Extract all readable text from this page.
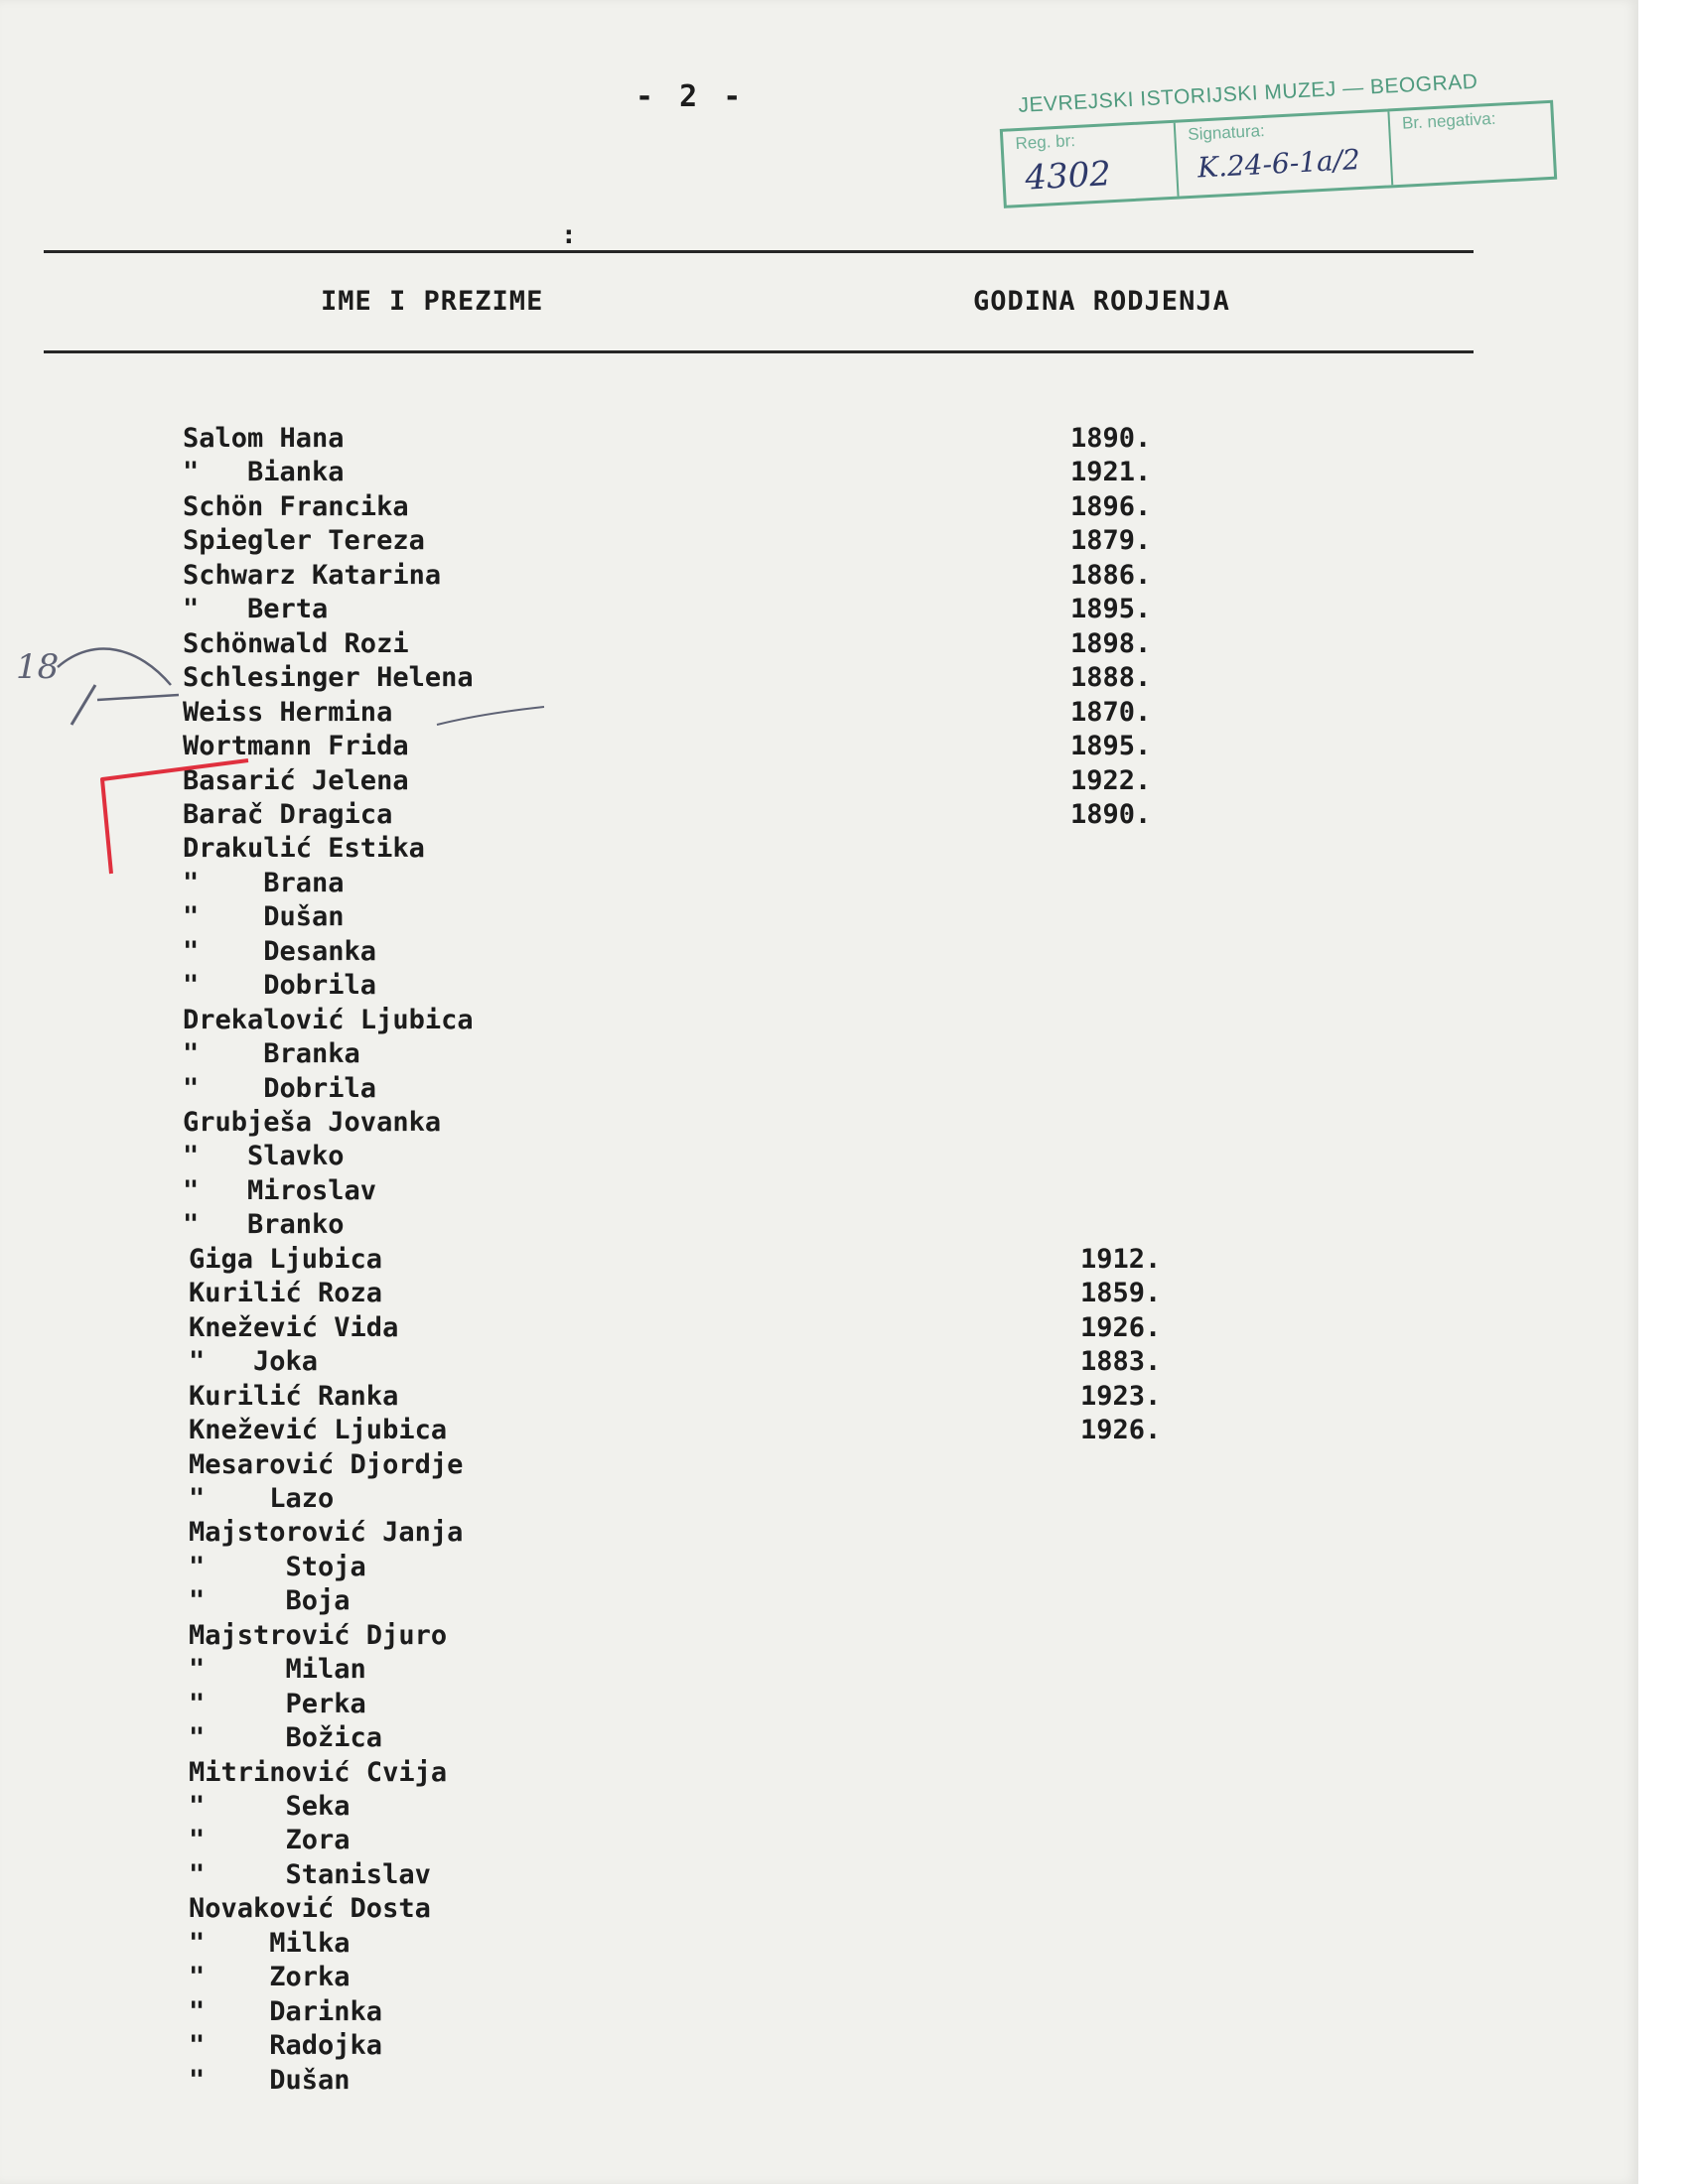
- 2 -	JEVREJSKI ISTORIJSKI MUZEJ — BEOGRAD
Reg. br:
4302
Signatura:
K.24-6-1a/2
Br. negativa:
:
IME I PREZIME	GODINA RODJENJA
Salom Hana	1890.
"   Bianka	1921.
Schön Francika	1896.
Spiegler Tereza	1879.
Schwarz Katarina	1886.
"   Berta	1895.
Schönwald Rozi	1898.
Schlesinger Helena	1888.
Weiss Hermina	1870.
Wortmann Frida	1895.
Basarić Jelena	1922.
Barač Dragica	1890.
Drakulić Estika
"    Brana
"    Dušan
"    Desanka
"    Dobrila
Drekalović Ljubica
"    Branka
"    Dobrila
Grubješa Jovanka
"   Slavko
"   Miroslav
"   Branko
Giga Ljubica	1912.
Kurilić Roza	1859.
Knežević Vida	1926.
"   Joka	1883.
Kurilić Ranka	1923.
Knežević Ljubica	1926.
Mesarović Djordje
"    Lazo
Majstorović Janja
"     Stoja
"     Boja
Majstrović Djuro
"     Milan
"     Perka
"     Božica
Mitrinović Cvija
"     Seka
"     Zora
"     Stanislav
Novaković Dosta
"    Milka
"    Zorka
"    Darinka
"    Radojka
"    Dušan
18
